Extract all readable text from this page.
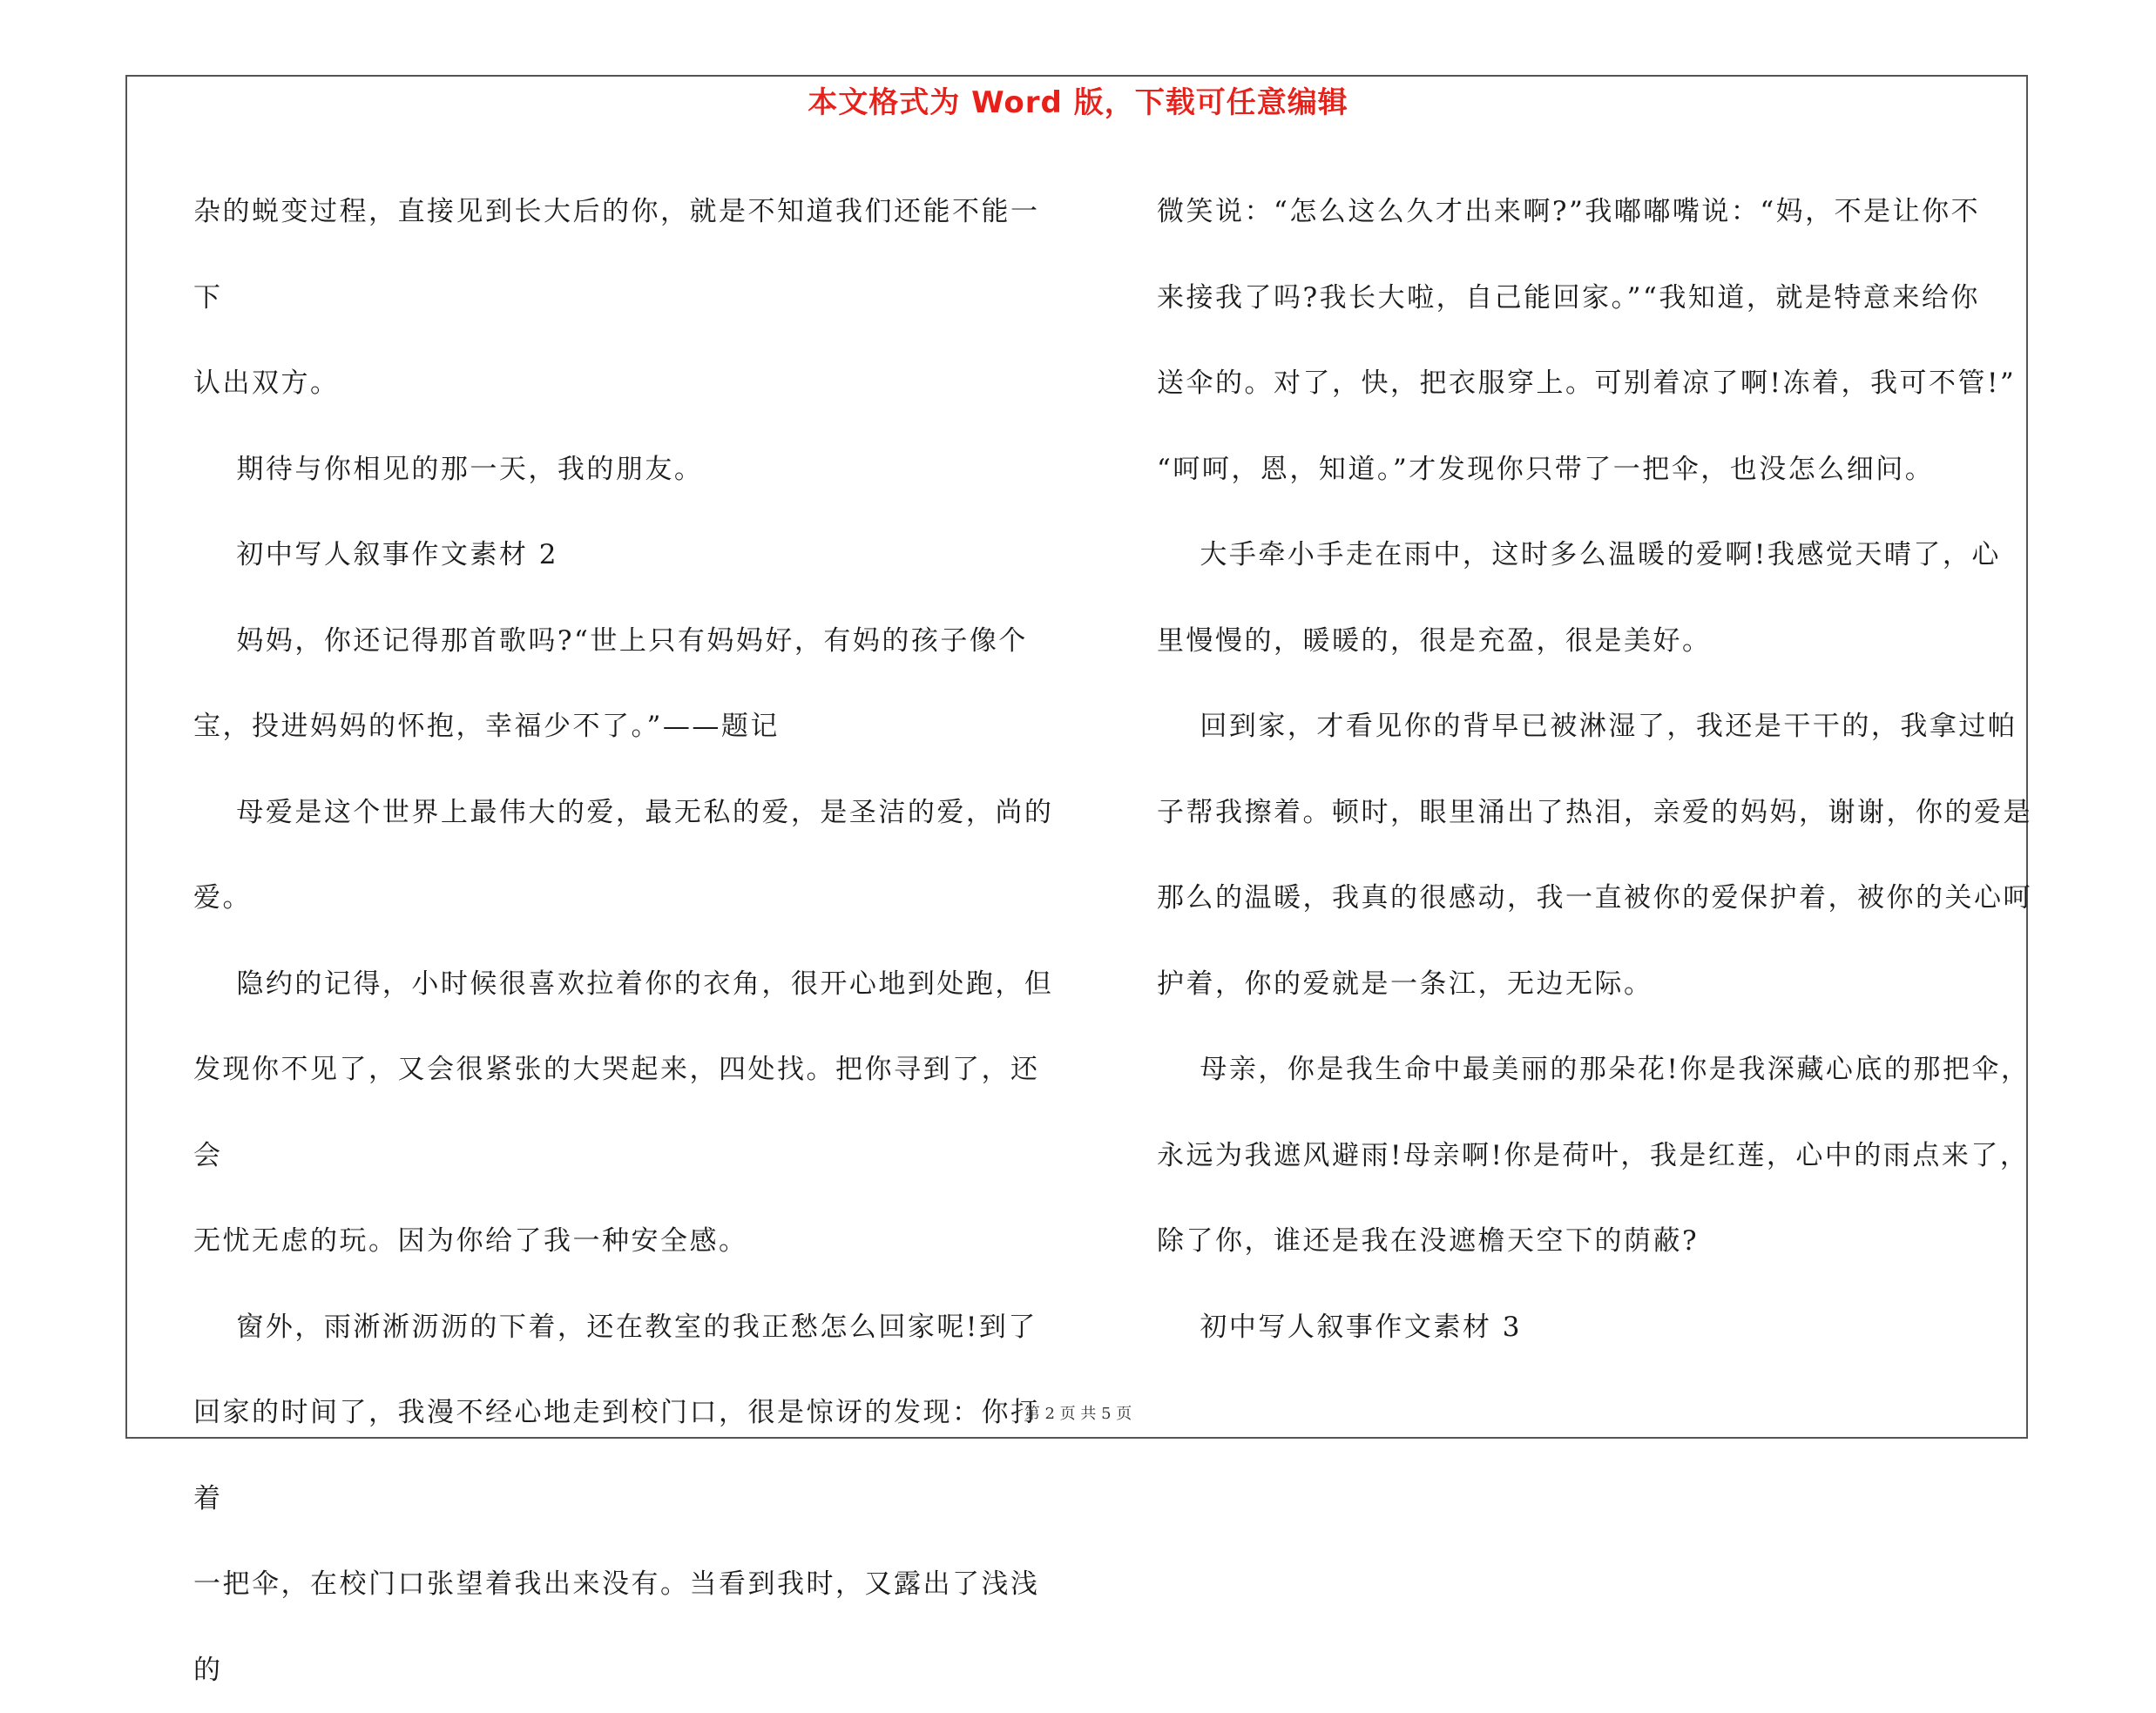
本文格式为 Word 版，下载可任意编辑

杂的蜕变过程，直接见到长大后的你，就是不知道我们还能不能一下

认出双方。

期待与你相见的那一天，我的朋友。

初中写人叙事作文素材 2

妈妈，你还记得那首歌吗?“世上只有妈妈好，有妈的孩子像个

宝，投进妈妈的怀抱，幸福少不了。”——题记

母爱是这个世界上最伟大的爱，最无私的爱，是圣洁的爱，尚的

爱。

隐约的记得，小时候很喜欢拉着你的衣角，很开心地到处跑，但

发现你不见了，又会很紧张的大哭起来，四处找。把你寻到了，还会

无忧无虑的玩。因为你给了我一种安全感。

窗外，雨淅淅沥沥的下着，还在教室的我正愁怎么回家呢!到了

回家的时间了，我漫不经心地走到校门口，很是惊讶的发现：你打着

一把伞，在校门口张望着我出来没有。当看到我时，又露出了浅浅的

微笑说：“怎么这么久才出来啊?”我嘟嘟嘴说：“妈，不是让你不

来接我了吗?我长大啦，自己能回家。”“我知道，就是特意来给你

送伞的。对了，快，把衣服穿上。可别着凉了啊!冻着，我可不管!”

“呵呵，恩，知道。”才发现你只带了一把伞，也没怎么细问。

大手牵小手走在雨中，这时多么温暖的爱啊!我感觉天晴了，心

里慢慢的，暖暖的，很是充盈，很是美好。

回到家，才看见你的背早已被淋湿了，我还是干干的，我拿过帕

子帮我擦着。顿时，眼里涌出了热泪，亲爱的妈妈，谢谢，你的爱是

那么的温暖，我真的很感动，我一直被你的爱保护着，被你的关心呵

护着，你的爱就是一条江，无边无际。

母亲，你是我生命中最美丽的那朵花!你是我深藏心底的那把伞，

永远为我遮风避雨!母亲啊!你是荷叶，我是红莲，心中的雨点来了，

除了你，谁还是我在没遮檐天空下的荫蔽?

初中写人叙事作文素材 3

第 2 页 共 5 页
